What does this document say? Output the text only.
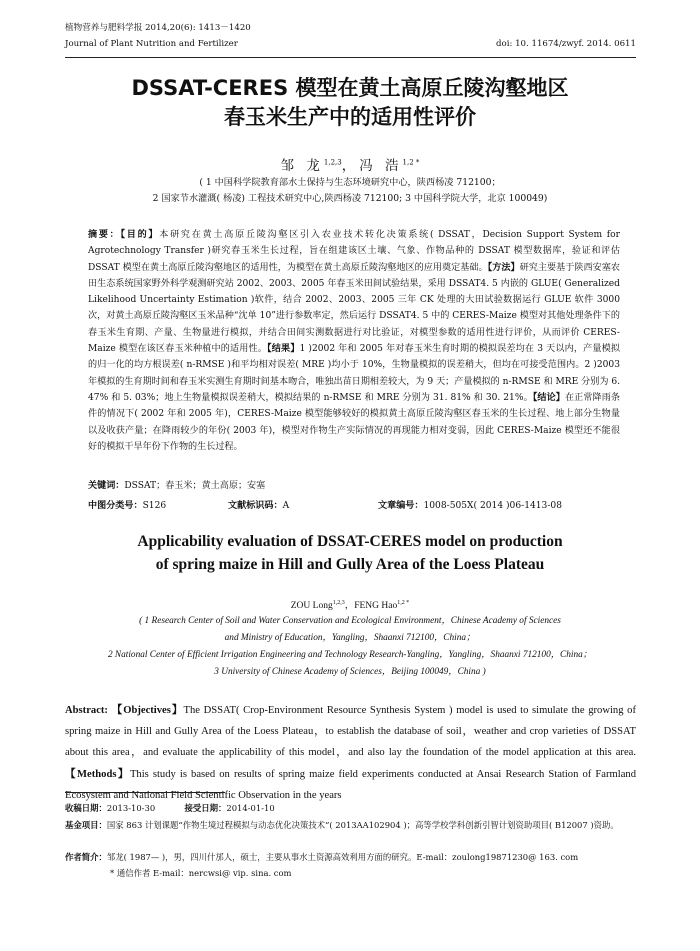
植物营养与肥料学报 2014,20(6): 1413－1420
Journal of Plant Nutrition and Fertilizer	doi: 10. 11674/zwyf. 2014. 0611
DSSAT-CERES 模型在黄土高原丘陵沟壑地区
春玉米生产中的适用性评价
邹 龙$^{1,2,3}$，冯 浩$^{1,2 *}$
( 1 中国科学院教育部水土保持与生态环境研究中心，陕西杨凌 712100；
2 国家节水灌溉( 杨凌) 工程技术研究中心,陕西杨凌 712100; 3 中国科学院大学，北京 100049)
摘要：【目的】本研究在黄土高原丘陵沟壑区引入农业技术转化决策系统( DSSAT，Decision Support System for Agrotechnology Transfer )研究春玉米生长过程，旨在组建该区土壤、气象、作物品种的 DSSAT 模型数据库，验证和评估 DSSAT 模型在黄土高原丘陵沟壑地区的适用性，为模型在黄土高原丘陵沟壑地区的应用奠定基础。【方法】研究主要基于陕西安塞农田生态系统国家野外科学观测研究站 2002、2003、2005 年春玉米田间试验结果，采用 DSSAT4. 5 内嵌的 GLUE( Generalized Likelihood Uncertainty Estimation )软件，结合 2002、2003、2005 三年 CK 处理的大田试验数据运行 GLUE 软件 3000 次，对黄土高原丘陵沟壑区玉米品种“沈单 10”进行参数率定，然后运行 DSSAT4. 5 中的 CERES-Maize 模型对其他处理条件下的春玉米生育期、产量、生物量进行模拟，并结合田间实测数据进行对比验证，对模型参数的适用性进行评价，从而评价 CERES-Maize 模型在该区春玉米种植中的适用性。【结果】1 )2002 年和 2005 年对春玉米生育时期的模拟误差均在 3 天以内，产量模拟的归一化的均方根误差( n-RMSE )和平均相对误差( MRE )均小于 10%，生物量模拟的误差稍大，但均在可接受范围内。2 )2003 年模拟的生育期时间和春玉米实测生育期时间基本吻合，唯独出苗日期相差较大，为 9 天；产量模拟的 n-RMSE 和 MRE 分别为 6. 47% 和 5. 03%；地上生物量模拟误差稍大，模拟结果的 n-RMSE 和 MRE 分别为 31. 81% 和 30. 21%。【结论】在正常降雨条件的情况下( 2002 年和 2005 年)，CERES-Maize 模型能够较好的模拟黄土高原丘陵沟壑区春玉米的生长过程、地上部分生物量以及收获产量；在降雨较少的年份( 2003 年)，模型对作物生产实际情况的再现能力相对变弱，因此 CERES-Maize 模型还不能很好的模拟干旱年份下作物的生长过程。
关键词：DSSAT；春玉米；黄土高原；安塞
中图分类号：S126	文献标识码：A	文章编号：1008-505X( 2014 )06-1413-08
Applicability evaluation of DSSAT-CERES model on production
of spring maize in Hill and Gully Area of the Loess Plateau
ZOU Long$^{1,2,3}$，FENG Hao$^{1,2 *}$
( 1 Research Center of Soil and Water Conservation and Ecological Environment，Chinese Academy of Sciences
and Ministry of Education，Yangling，Shaanxi 712100，China；
2 National Center of Efficient Irrigation Engineering and Technology Research-Yangling，Yangling，Shaanxi 712100，China；
3 University of Chinese Academy of Sciences，Beijing 100049，China )
Abstract: 【Objectives】The DSSAT( Crop-Environment Resource Synthesis System ) model is used to simulate the growing of spring maize in Hill and Gully Area of the Loess Plateau，to establish the database of soil，weather and crop varieties of DSSAT about this area，and evaluate the applicability of this model，and also lay the foundation of the model application at this area. 【Methods】This study is based on results of spring maize field experiments conducted at Ansai Research Station of Farmland Ecosystem and National Field Scientific Observation in the years
收稿日期：2013-10-30	接受日期：2014-01-10
基金项目： 国家 863 计划课题“作物生境过程模拟与动态优化决策技术”( 2013AA102904 )；高等学校学科创新引智计划资助项目( B12007 )资助。
作者简介： 邹龙( 1987— )，男，四川什邡人，硕士，主要从事水土资源高效利用方面的研究。E-mail：zoulong19871230@ 163. com
* 通信作者 E-mail：nercwsi@ vip. sina. com
